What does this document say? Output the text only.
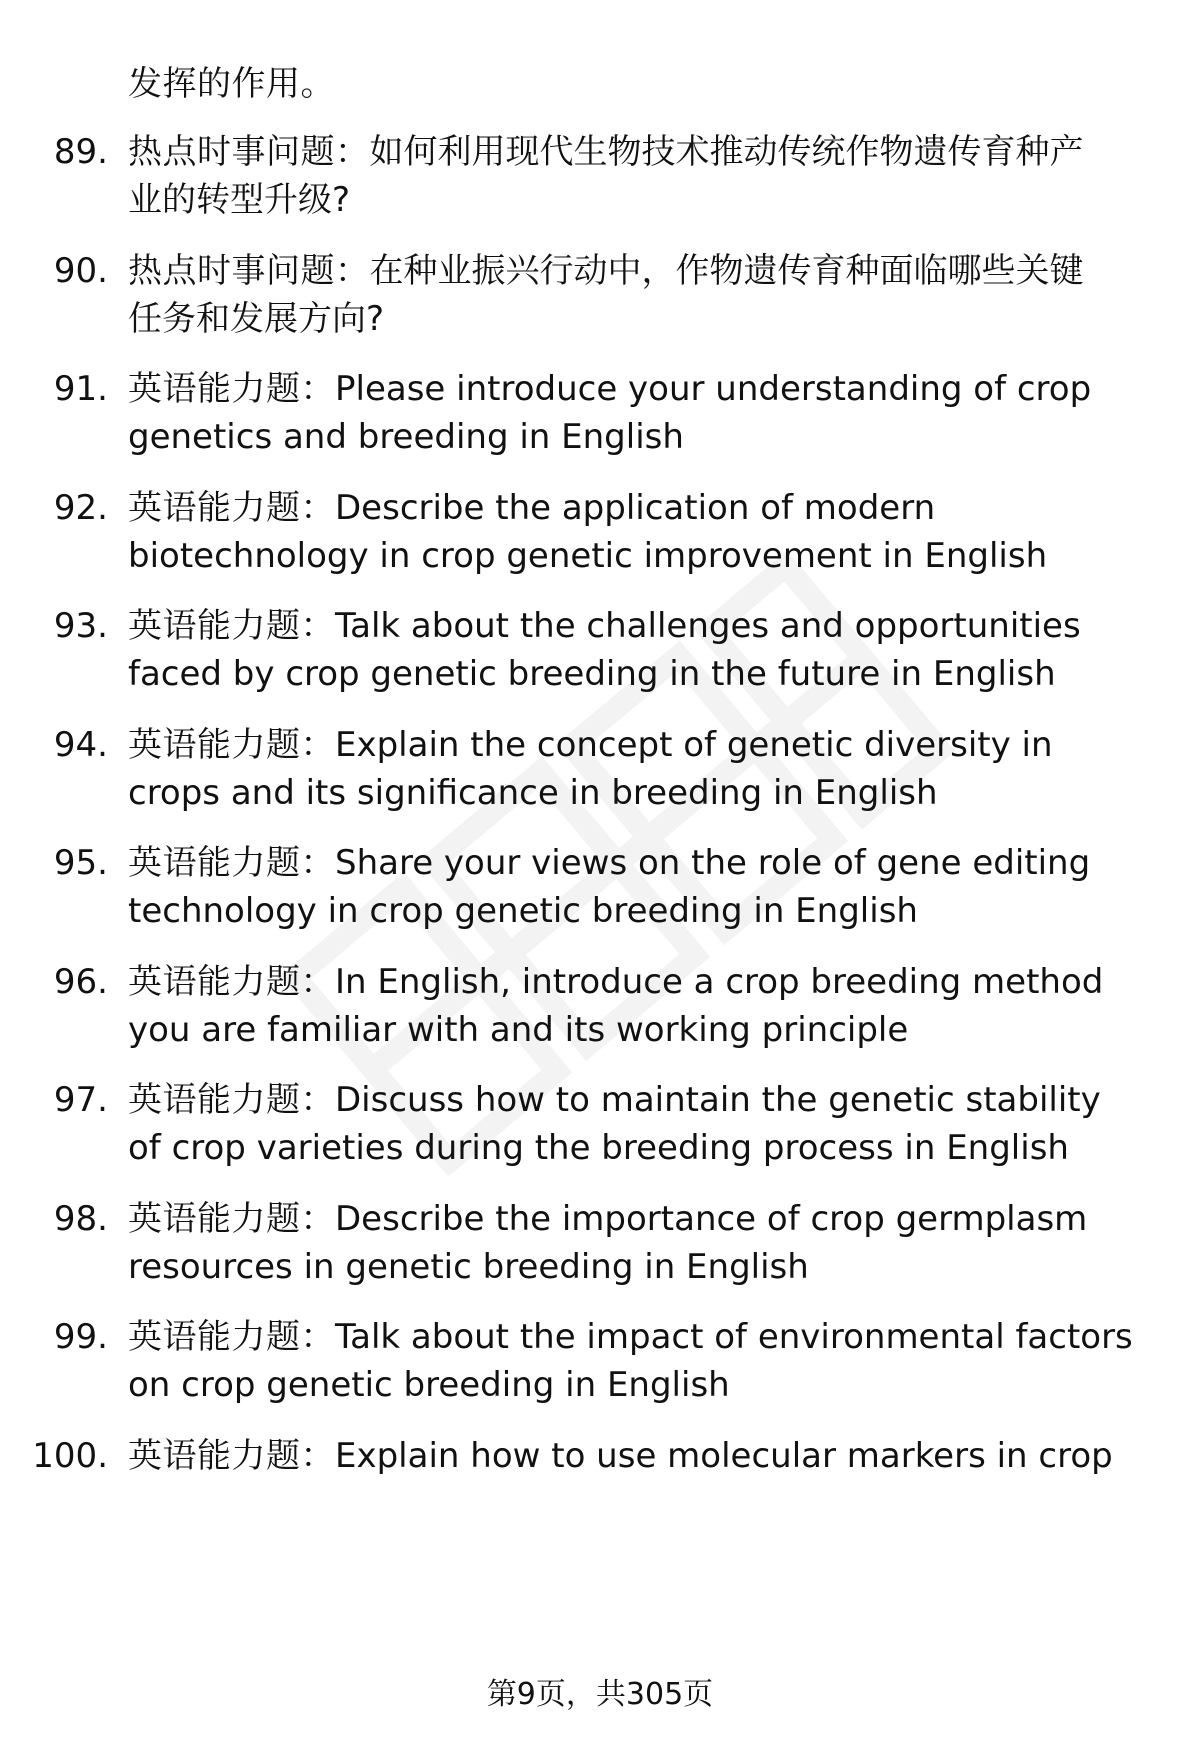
发挥的作用。
89. 热点时事问题：如何利用现代生物技术推动传统作物遗传育种产
业的转型升级?
90. 热点时事问题：在种业振兴行动中，作物遗传育种面临哪些关键
任务和发展方向?
91. 英语能力题：Please introduce your understanding of crop
genetics and breeding in English
92. 英语能力题：Describe the application of modern
biotechnology in crop genetic improvement in English
93. 英语能力题：Talk about the challenges and opportunities
faced by crop genetic breeding in the future in English
94. 英语能力题：Explain the concept of genetic diversity in
crops and its significance in breeding in English
95. 英语能力题：Share your views on the role of gene editing
technology in crop genetic breeding in English
96. 英语能力题：In English, introduce a crop breeding method
you are familiar with and its working principle
97. 英语能力题：Discuss how to maintain the genetic stability
of crop varieties during the breeding process in English
98. 英语能力题：Describe the importance of crop germplasm
resources in genetic breeding in English
99. 英语能力题：Talk about the impact of environmental factors
on crop genetic breeding in English
100. 英语能力题：Explain how to use molecular markers in crop
第9页，共305页
